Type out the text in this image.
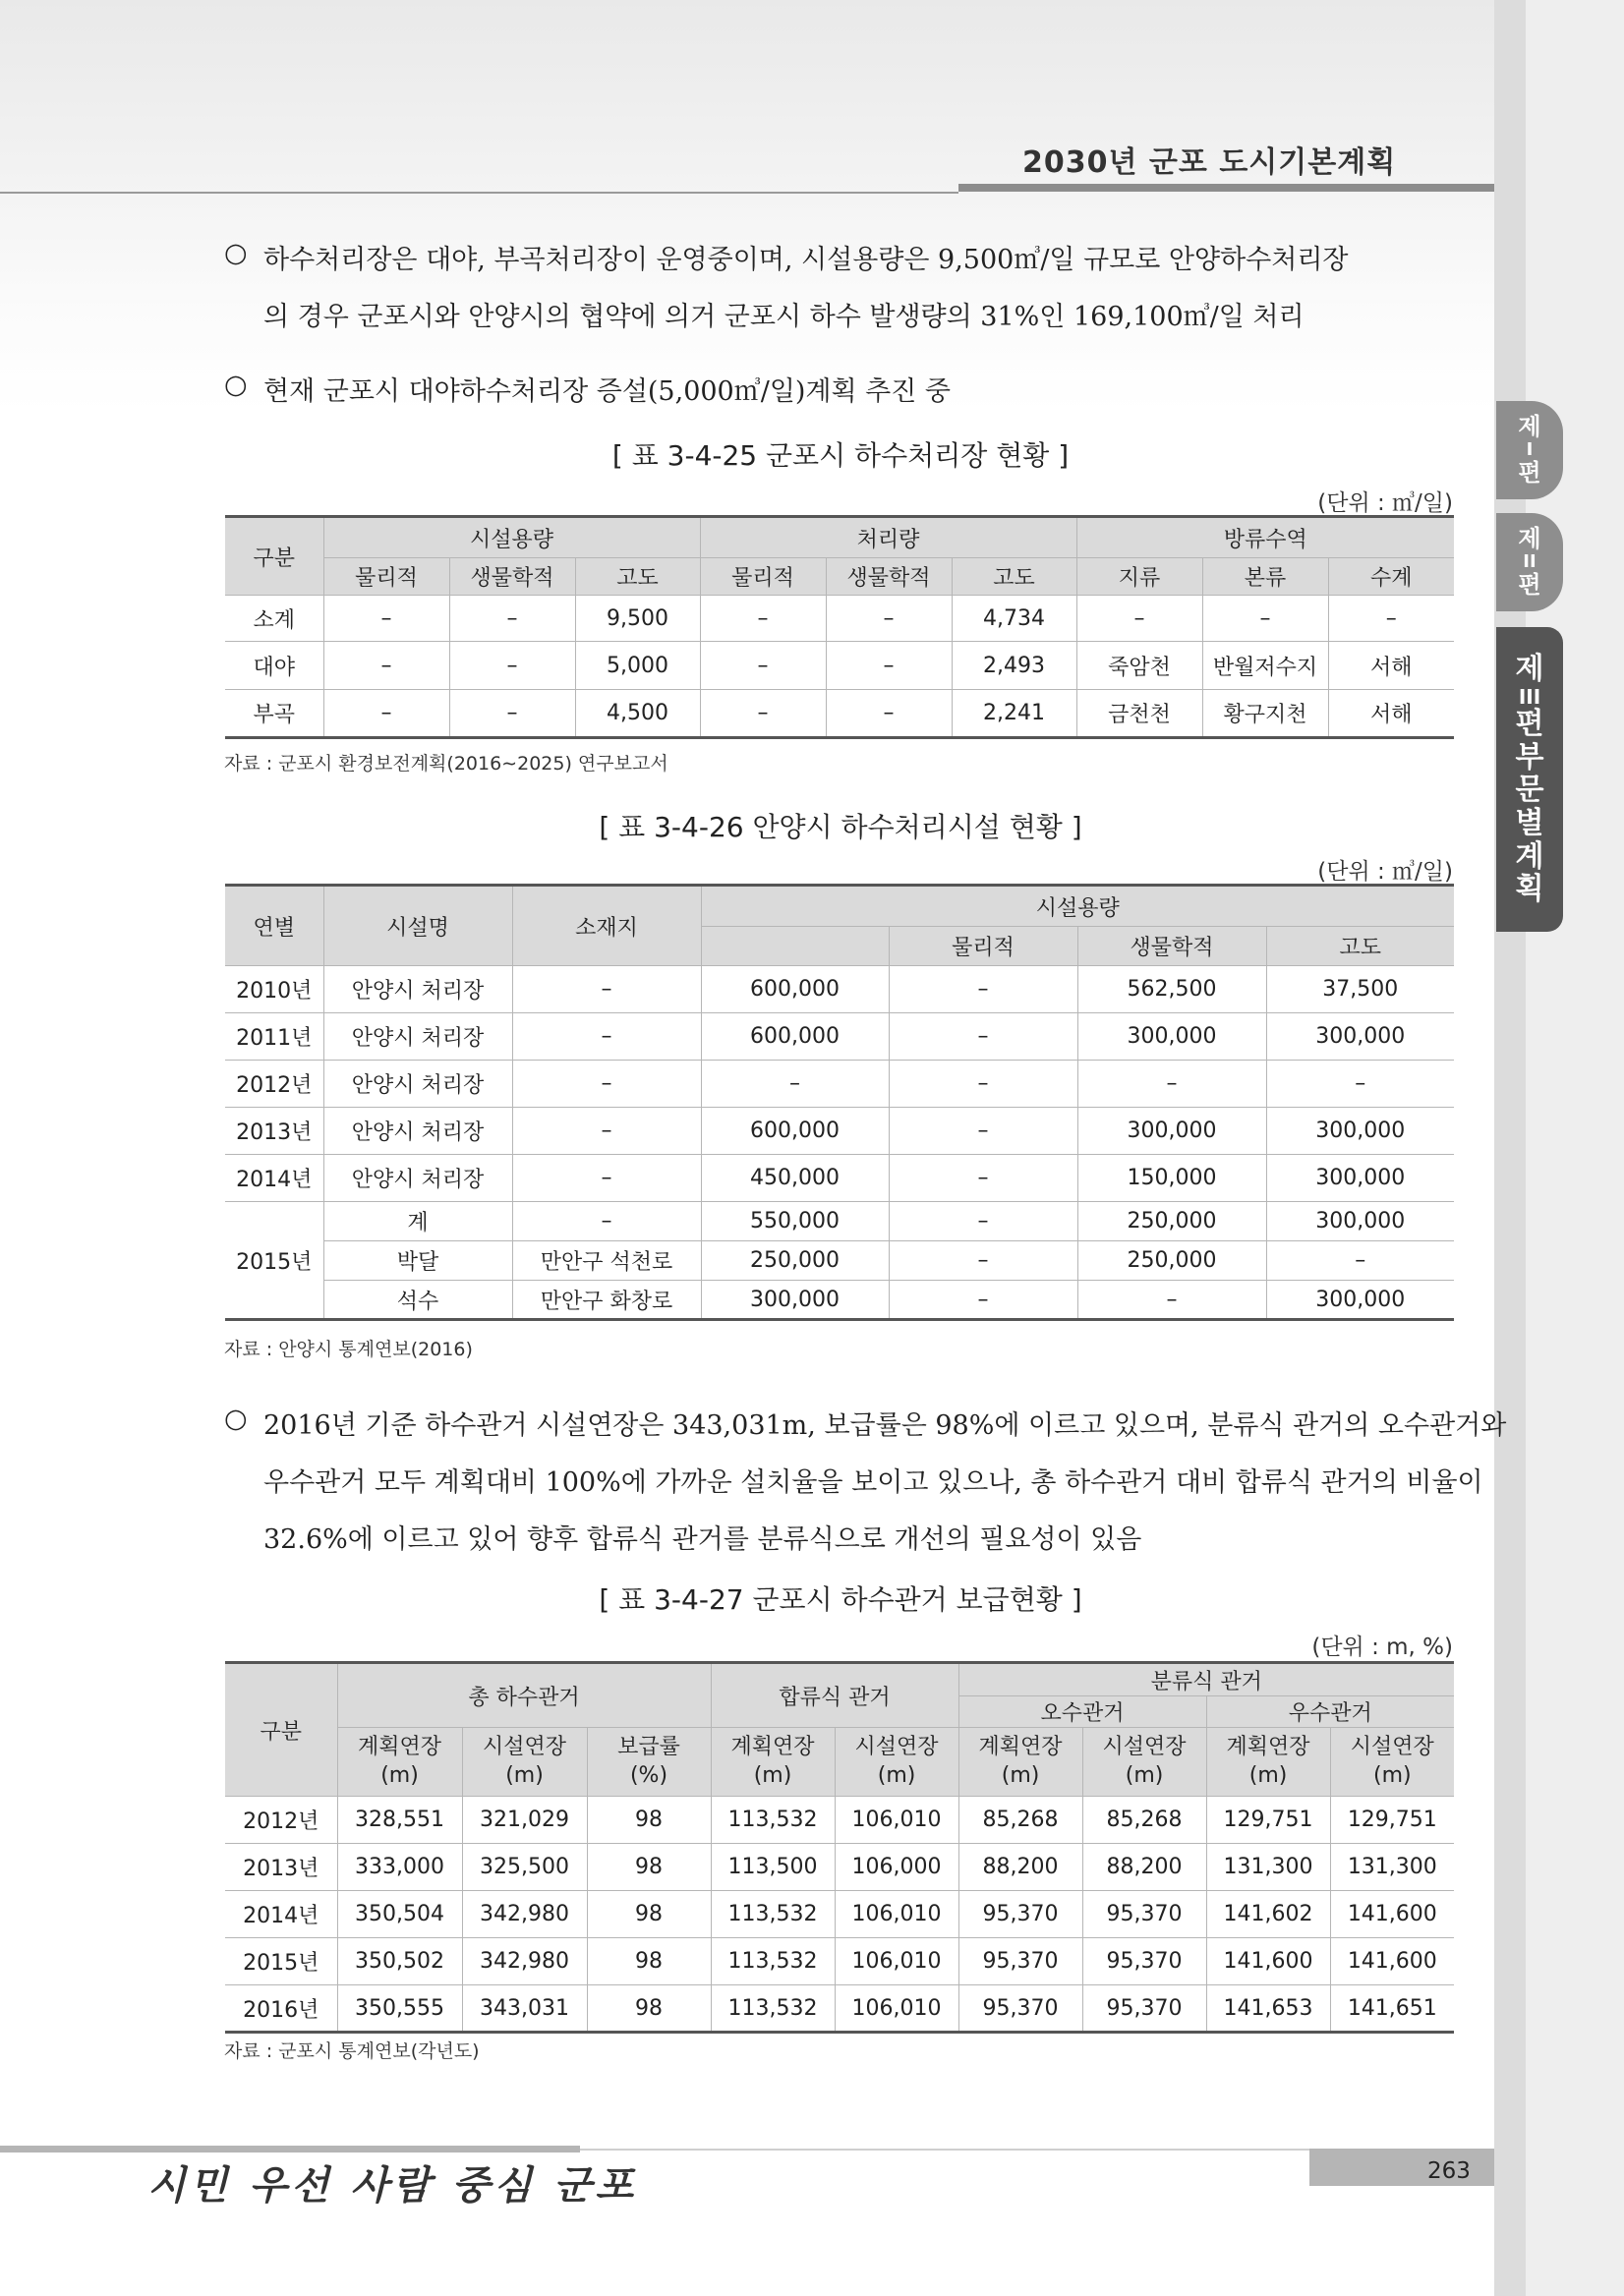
2030년 군포 도시기본계획
제
I
편
제
II
편
제
III
편
부
문
별
계
획
○ 하수처리장은 대야, 부곡처리장이 운영중이며, 시설용량은 9,500㎥/일 규모로 안양하수처리장
의 경우 군포시와 안양시의 협약에 의거 군포시 하수 발생량의 31%인 169,100㎥/일 처리
○ 현재 군포시 대야하수처리장 증설(5,000㎥/일)계획 추진 중
[ 표 3-4-25 군포시 하수처리장 현황 ]
(단위 : ㎥/일)
구분	시설용량			처리량			방류수역		
	물리적	생물학적	고도	물리적	생물학적	고도	지류	본류	수계
소계	–	–	9,500	–	–	4,734	–	–	–
대야	–	–	5,000	–	–	2,493	죽암천	반월저수지	서해
부곡	–	–	4,500	–	–	2,241	금천천	황구지천	서해
자료 : 군포시 환경보전계획(2016∼2025) 연구보고서
[ 표 3-4-26 안양시 하수처리시설 현황 ]
(단위 : ㎥/일)
연별	시설명	소재지	시설용량			
				물리적	생물학적	고도
2010년	안양시 처리장	–	600,000	–	562,500	37,500
2011년	안양시 처리장	–	600,000	–	300,000	300,000
2012년	안양시 처리장	–	–	–	–	–
2013년	안양시 처리장	–	600,000	–	300,000	300,000
2014년	안양시 처리장	–	450,000	–	150,000	300,000
2015년	계	–	550,000	–	250,000	300,000
	박달	만안구 석천로	250,000	–	250,000	–
	석수	만안구 화창로	300,000	–	–	300,000
자료 : 안양시 통계연보(2016)
○ 2016년 기준 하수관거 시설연장은 343,031m, 보급률은 98%에 이르고 있으며, 분류식 관거의 오수관거와
우수관거 모두 계획대비 100%에 가까운 설치율을 보이고 있으나, 총 하수관거 대비 합류식 관거의 비율이
32.6%에 이르고 있어 향후 합류식 관거를 분류식으로 개선의 필요성이 있음
[ 표 3-4-27 군포시 하수관거 보급현황 ]
(단위 : m, %)
구분	총 하수관거			합류식 관거		분류식 관거			
						오수관거		우수관거	
	계획연장
(m)	시설연장
(m)	보급률
(%)	계획연장
(m)	시설연장
(m)	계획연장
(m)	시설연장
(m)	계획연장
(m)	시설연장
(m)
2012년	328,551	321,029	98	113,532	106,010	85,268	85,268	129,751	129,751
2013년	333,000	325,500	98	113,500	106,000	88,200	88,200	131,300	131,300
2014년	350,504	342,980	98	113,532	106,010	95,370	95,370	141,602	141,600
2015년	350,502	342,980	98	113,532	106,010	95,370	95,370	141,600	141,600
2016년	350,555	343,031	98	113,532	106,010	95,370	95,370	141,653	141,651
자료 : 군포시 통계연보(각년도)
263
시민 우선 사람 중심 군포
